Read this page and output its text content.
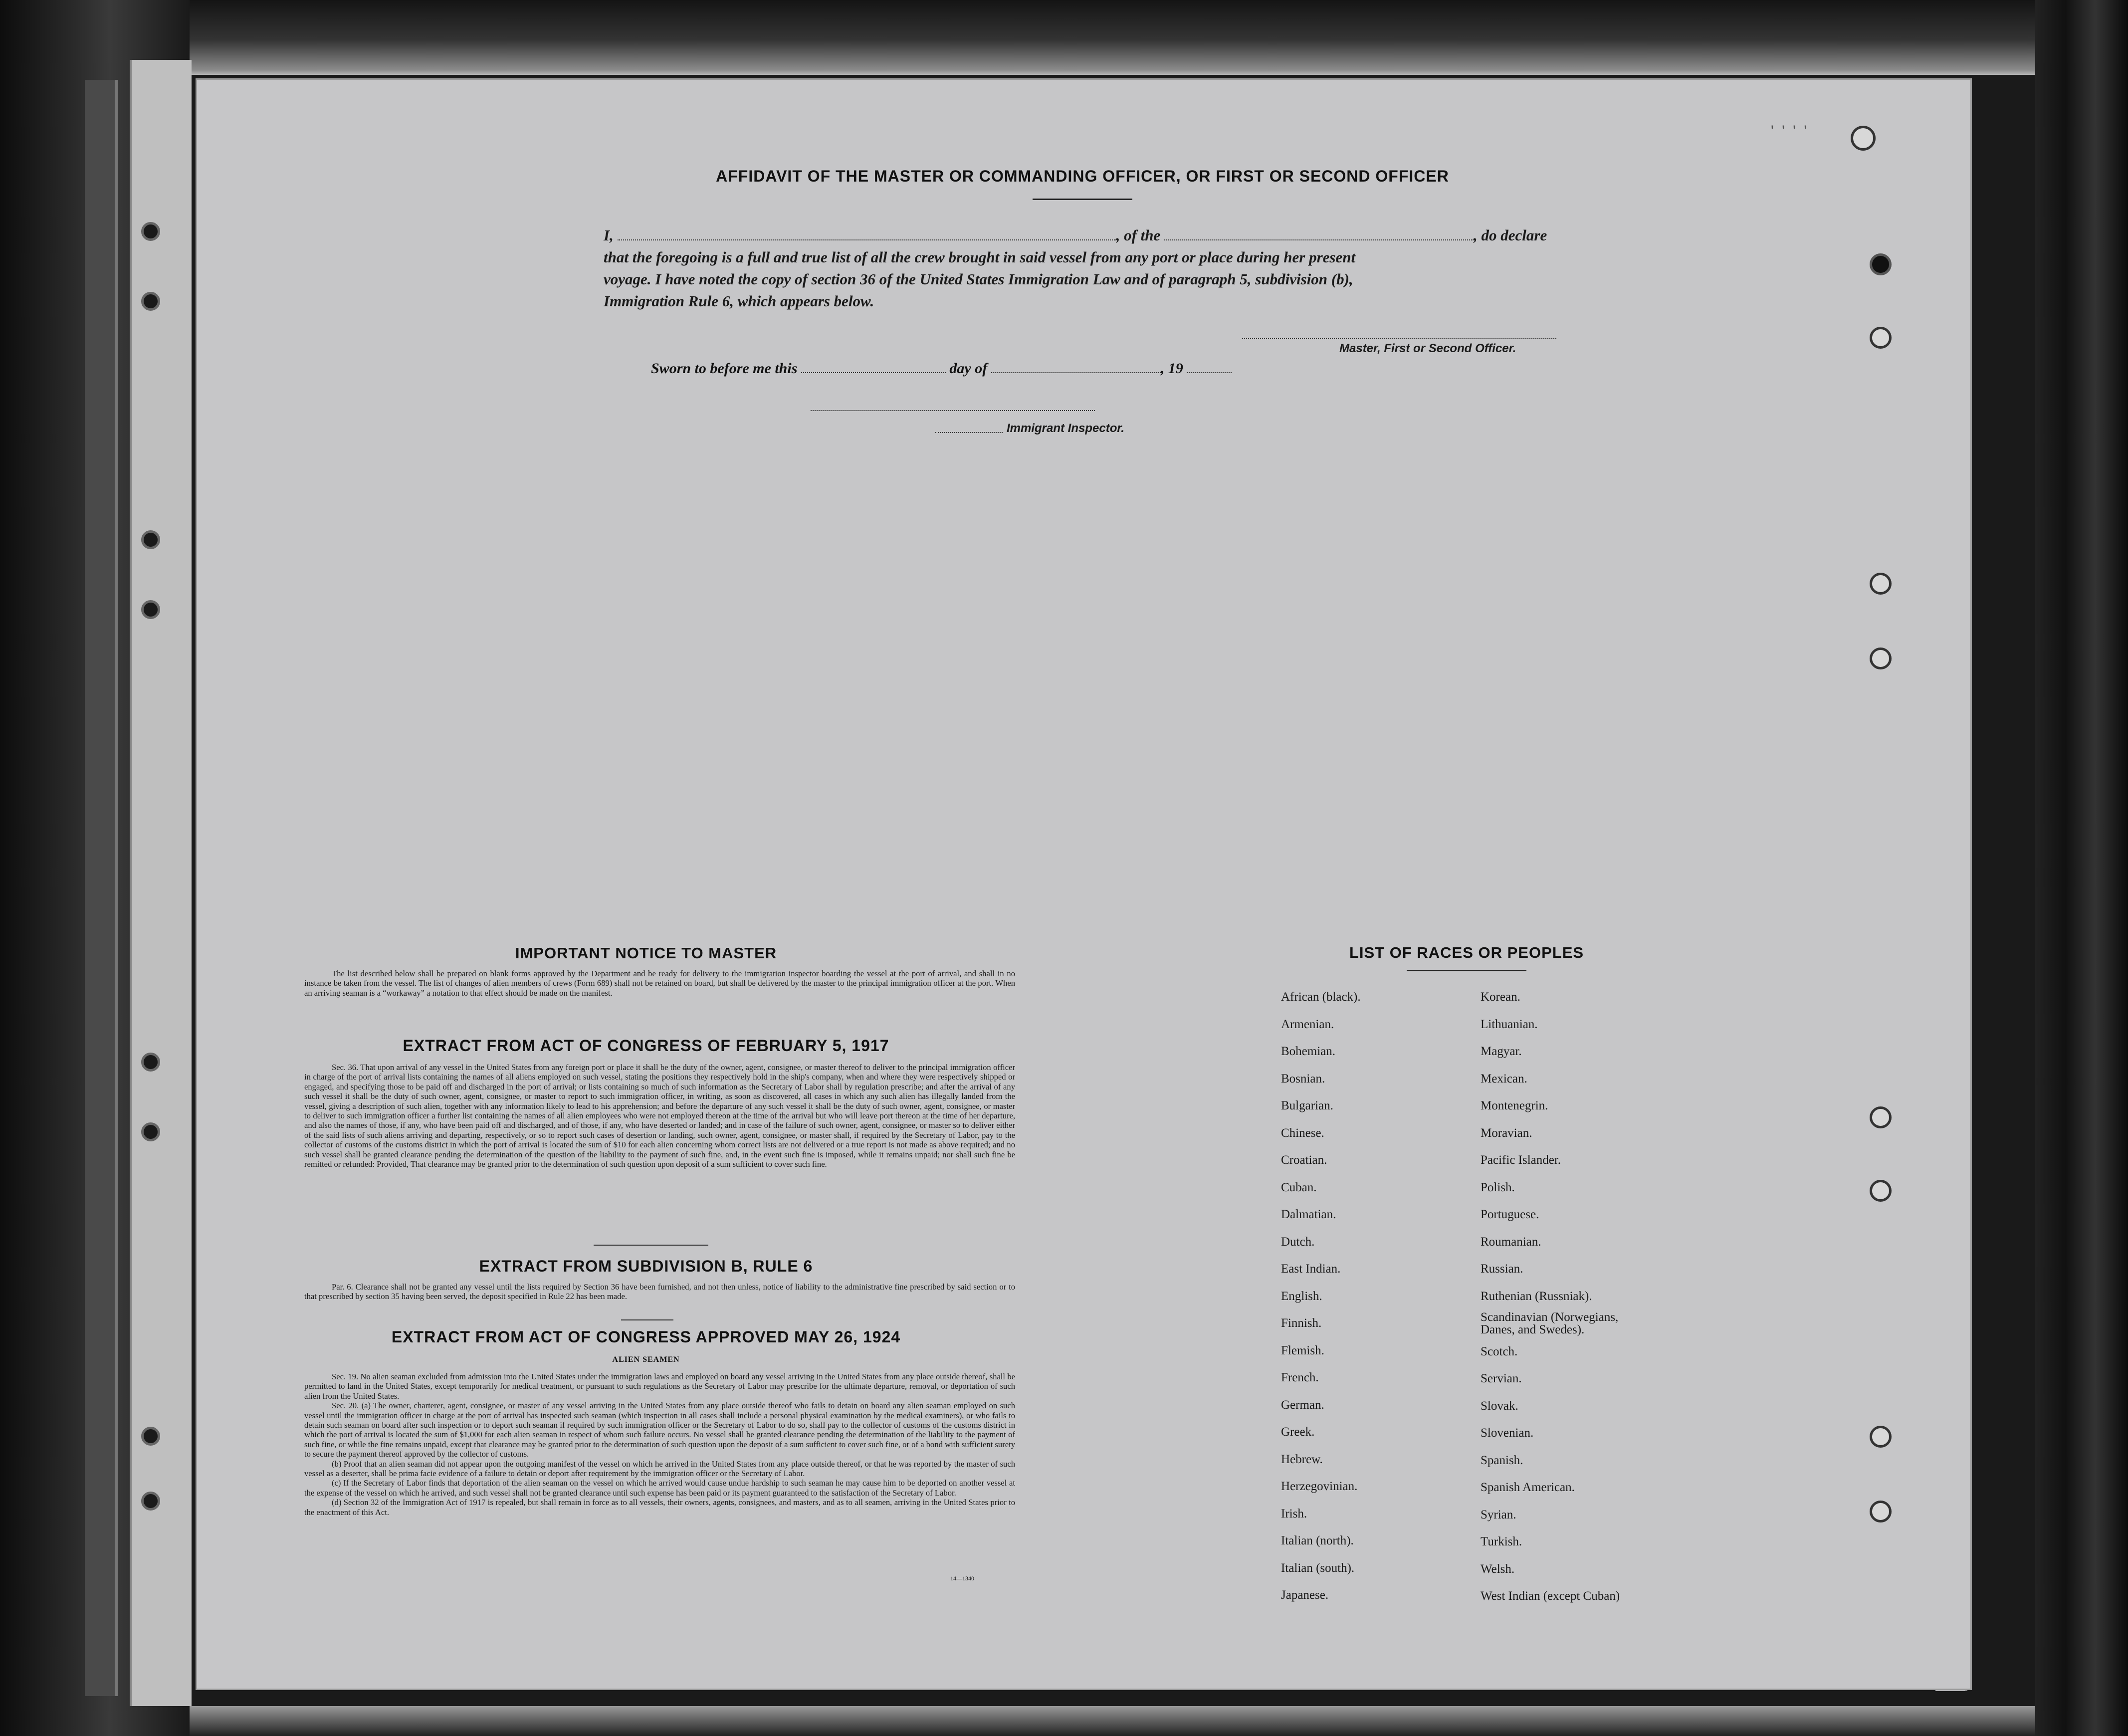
' ' ' '
AFFIDAVIT OF THE MASTER OR COMMANDING OFFICER, OR FIRST OR SECOND OFFICER
I,	, of the	, do declare
that the foregoing is a full and true list of all the crew brought in said vessel from any port or place during her present
voyage. I have noted the copy of section 36 of the United States Immigration Law and of paragraph 5, subdivision (b),
Immigration Rule 6, which appears below.
Master, First or Second Officer.
Sworn to before me this	day of	, 19
Immigrant Inspector.
IMPORTANT NOTICE TO MASTER

The list described below shall be prepared on blank forms approved by the Department and be ready for delivery to the immigration inspector boarding the vessel at the port of arrival, and shall in no instance be taken from the vessel. The list of changes of alien members of crews (Form 689) shall not be retained on board, but shall be delivered by the master to the principal immigration officer at the port. When an arriving seaman is a “workaway” a notation to that effect should be made on the manifest.

EXTRACT FROM ACT OF CONGRESS OF FEBRUARY 5, 1917

Sec. 36. That upon arrival of any vessel in the United States from any foreign port or place it shall be the duty of the owner, agent, consignee, or master thereof to deliver to the principal immigration officer in charge of the port of arrival lists containing the names of all aliens employed on such vessel, stating the positions they respectively hold in the ship's company, when and where they were respectively shipped or engaged, and specifying those to be paid off and discharged in the port of arrival; or lists containing so much of such information as the Secretary of Labor shall by regulation prescribe; and after the arrival of any such vessel it shall be the duty of such owner, agent, consignee, or master to report to such immigration officer, in writing, as soon as discovered, all cases in which any such alien has illegally landed from the vessel, giving a description of such alien, together with any information likely to lead to his apprehension; and before the departure of any such vessel it shall be the duty of such owner, agent, consignee, or master to deliver to such immigration officer a further list containing the names of all alien employees who were not employed thereon at the time of the arrival but who will leave port thereon at the time of her departure, and also the names of those, if any, who have been paid off and discharged, and of those, if any, who have deserted or landed; and in case of the failure of such owner, agent, consignee, or master so to deliver either of the said lists of such aliens arriving and departing, respectively, or so to report such cases of desertion or landing, such owner, agent, consignee, or master shall, if required by the Secretary of Labor, pay to the collector of customs of the customs district in which the port of arrival is located the sum of $10 for each alien concerning whom correct lists are not delivered or a true report is not made as above required; and no such vessel shall be granted clearance pending the determination of the question of the liability to the payment of such fine, and, in the event such fine is imposed, while it remains unpaid; nor shall such fine be remitted or refunded: Provided, That clearance may be granted prior to the determination of such question upon deposit of a sum sufficient to cover such fine.

EXTRACT FROM SUBDIVISION B, RULE 6

Par. 6. Clearance shall not be granted any vessel until the lists required by Section 36 have been furnished, and not then unless, notice of liability to the administrative fine prescribed by said section or to that prescribed by section 35 having been served, the deposit specified in Rule 22 has been made.

EXTRACT FROM ACT OF CONGRESS APPROVED MAY 26, 1924
ALIEN SEAMEN

Sec. 19. No alien seaman excluded from admission into the United States under the immigration laws and employed on board any vessel arriving in the United States from any place outside thereof, shall be permitted to land in the United States, except temporarily for medical treatment, or pursuant to such regulations as the Secretary of Labor may prescribe for the ultimate departure, removal, or deportation of such alien from the United States.

Sec. 20. (a) The owner, charterer, agent, consignee, or master of any vessel arriving in the United States from any place outside thereof who fails to detain on board any alien seaman employed on such vessel until the immigration officer in charge at the port of arrival has inspected such seaman (which inspection in all cases shall include a personal physical examination by the medical examiners), or who fails to detain such seaman on board after such inspection or to deport such seaman if required by such immigration officer or the Secretary of Labor to do so, shall pay to the collector of customs of the customs district in which the port of arrival is located the sum of $1,000 for each alien seaman in respect of whom such failure occurs. No vessel shall be granted clearance pending the determination of the liability to the payment of such fine, or while the fine remains unpaid, except that clearance may be granted prior to the determination of such question upon the deposit of a sum sufficient to cover such fine, or of a bond with sufficient surety to secure the payment thereof approved by the collector of customs.

(b) Proof that an alien seaman did not appear upon the outgoing manifest of the vessel on which he arrived in the United States from any place outside thereof, or that he was reported by the master of such vessel as a deserter, shall be prima facie evidence of a failure to detain or deport after requirement by the immigration officer or the Secretary of Labor.

(c) If the Secretary of Labor finds that deportation of the alien seaman on the vessel on which he arrived would cause undue hardship to such seaman he may cause him to be deported on another vessel at the expense of the vessel on which he arrived, and such vessel shall not be granted clearance until such expense has been paid or its payment guaranteed to the satisfaction of the Secretary of Labor.

(d) Section 32 of the Immigration Act of 1917 is repealed, but shall remain in force as to all vessels, their owners, agents, consignees, and masters, and as to all seamen, arriving in the United States prior to the enactment of this Act.

14—1340
LIST OF RACES OR PEOPLES
African (black).
Armenian.
Bohemian.
Bosnian.
Bulgarian.
Chinese.
Croatian.
Cuban.
Dalmatian.
Dutch.
East Indian.
English.
Finnish.
Flemish.
French.
German.
Greek.
Hebrew.
Herzegovinian.
Irish.
Italian (north).
Italian (south).
Japanese.
Korean.
Lithuanian.
Magyar.
Mexican.
Montenegrin.
Moravian.
Pacific Islander.
Polish.
Portuguese.
Roumanian.
Russian.
Ruthenian (Russniak).
Scandinavian (Norwegians, Danes, and Swedes).
Scotch.
Servian.
Slovak.
Slovenian.
Spanish.
Spanish American.
Syrian.
Turkish.
Welsh.
West Indian (except Cuban)
